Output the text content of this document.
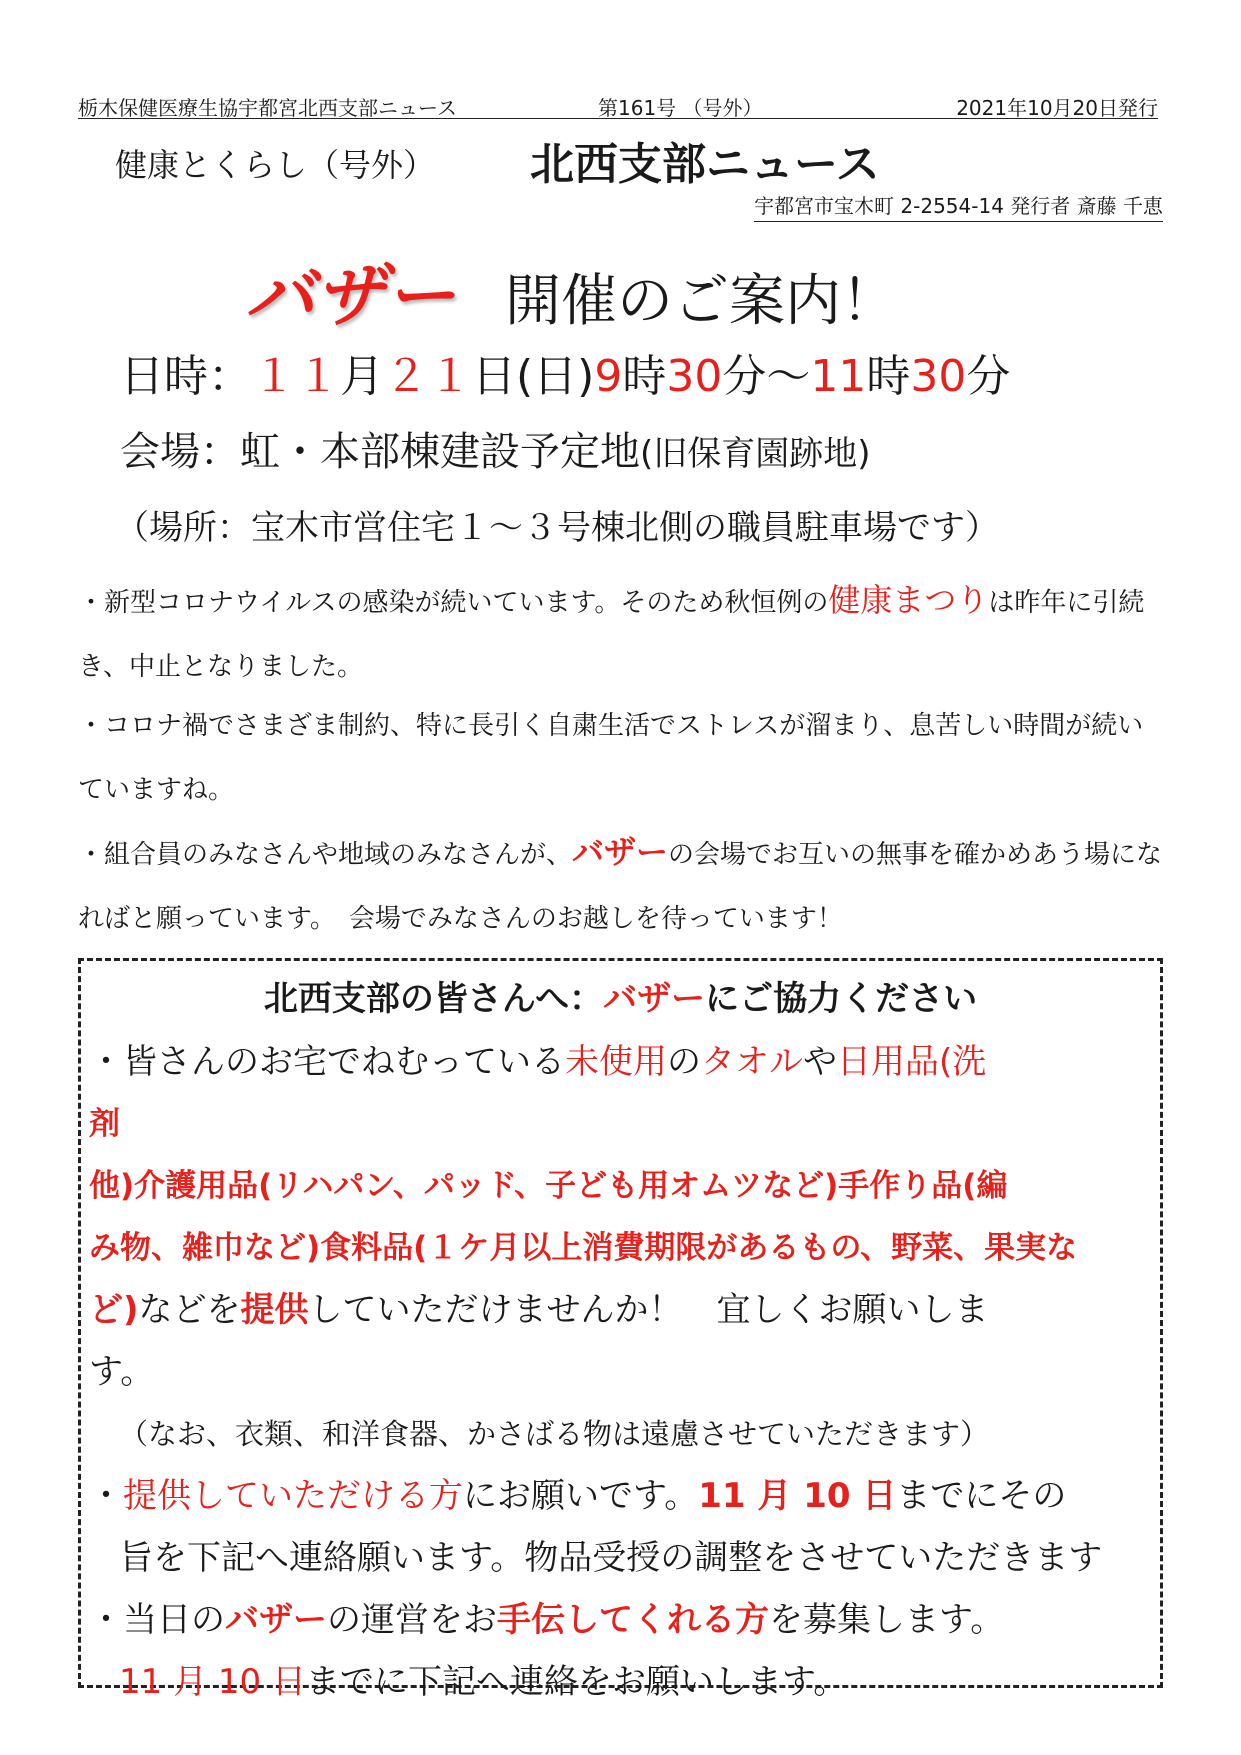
栃木保健医療生協宇都宮北西支部ニュース	第161号 （号外）	2021年10月20日発行
健康とくらし（号外） 北西支部ニュース
宇都宮市宝木町 2-2554-14 発行者 斎藤 千恵
バザー 開催のご案内！
日時：１１月２１日(日)9時30分〜11時30分
会場：虹・本部棟建設予定地(旧保育園跡地)
（場所：宝木市営住宅１〜３号棟北側の職員駐車場です）
・新型コロナウイルスの感染が続いています。そのため秋恒例の健康まつりは昨年に引続き、中止となりました。
・コロナ禍でさまざま制約、特に長引く自粛生活でストレスが溜まり、息苦しい時間が続いていますね。
・組合員のみなさんや地域のみなさんが、バザーの会場でお互いの無事を確かめあう場になればと願っています。　会場でみなさんのお越しを待っています！
北西支部の皆さんへ：バザーにご協力ください
・皆さんのお宅でねむっている未使用のタオルや日用品(洗
剤
他)介護用品(リハパン、パッド、子ども用オムツなど)手作り品(編
み物、雑巾など)食料品(１ケ月以上消費期限があるもの、野菜、果実な
ど)などを提供していただけませんか！　宜しくお願いしま
す。
（なお、衣類、和洋食器、かさばる物は遠慮させていただきます）
・提供していただける方にお願いです。11 月 10 日までにその
旨を下記へ連絡願います。物品受授の調整をさせていただきます
・当日のバザーの運営をお手伝してくれる方を募集します。
11 月 10 日までに下記へ連絡をお願いします。
